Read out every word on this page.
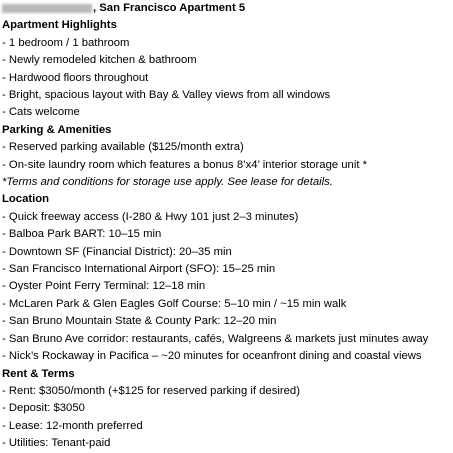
, San Francisco Apartment 5
Apartment Highlights
- 1 bedroom / 1 bathroom
- Newly remodeled kitchen & bathroom
- Hardwood floors throughout
- Bright, spacious layout with Bay & Valley views from all windows
- Cats welcome
Parking & Amenities
- Reserved parking available ($125/month extra)
- On-site laundry room which features a bonus 8’x4’ interior storage unit *
*Terms and conditions for storage use apply. See lease for details.
Location
- Quick freeway access (I-280 & Hwy 101 just 2–3 minutes)
- Balboa Park BART: 10–15 min
- Downtown SF (Financial District): 20–35 min
- San Francisco International Airport (SFO): 15–25 min
- Oyster Point Ferry Terminal: 12–18 min
- McLaren Park & Glen Eagles Golf Course: 5–10 min / ~15 min walk
- San Bruno Mountain State & County Park: 12–20 min
- San Bruno Ave corridor: restaurants, cafés, Walgreens & markets just minutes away
- Nick’s Rockaway in Pacifica – ~20 minutes for oceanfront dining and coastal views
Rent & Terms
- Rent: $3050/month (+$125 for reserved parking if desired)
- Deposit: $3050
- Lease: 12-month preferred
- Utilities: Tenant-paid
